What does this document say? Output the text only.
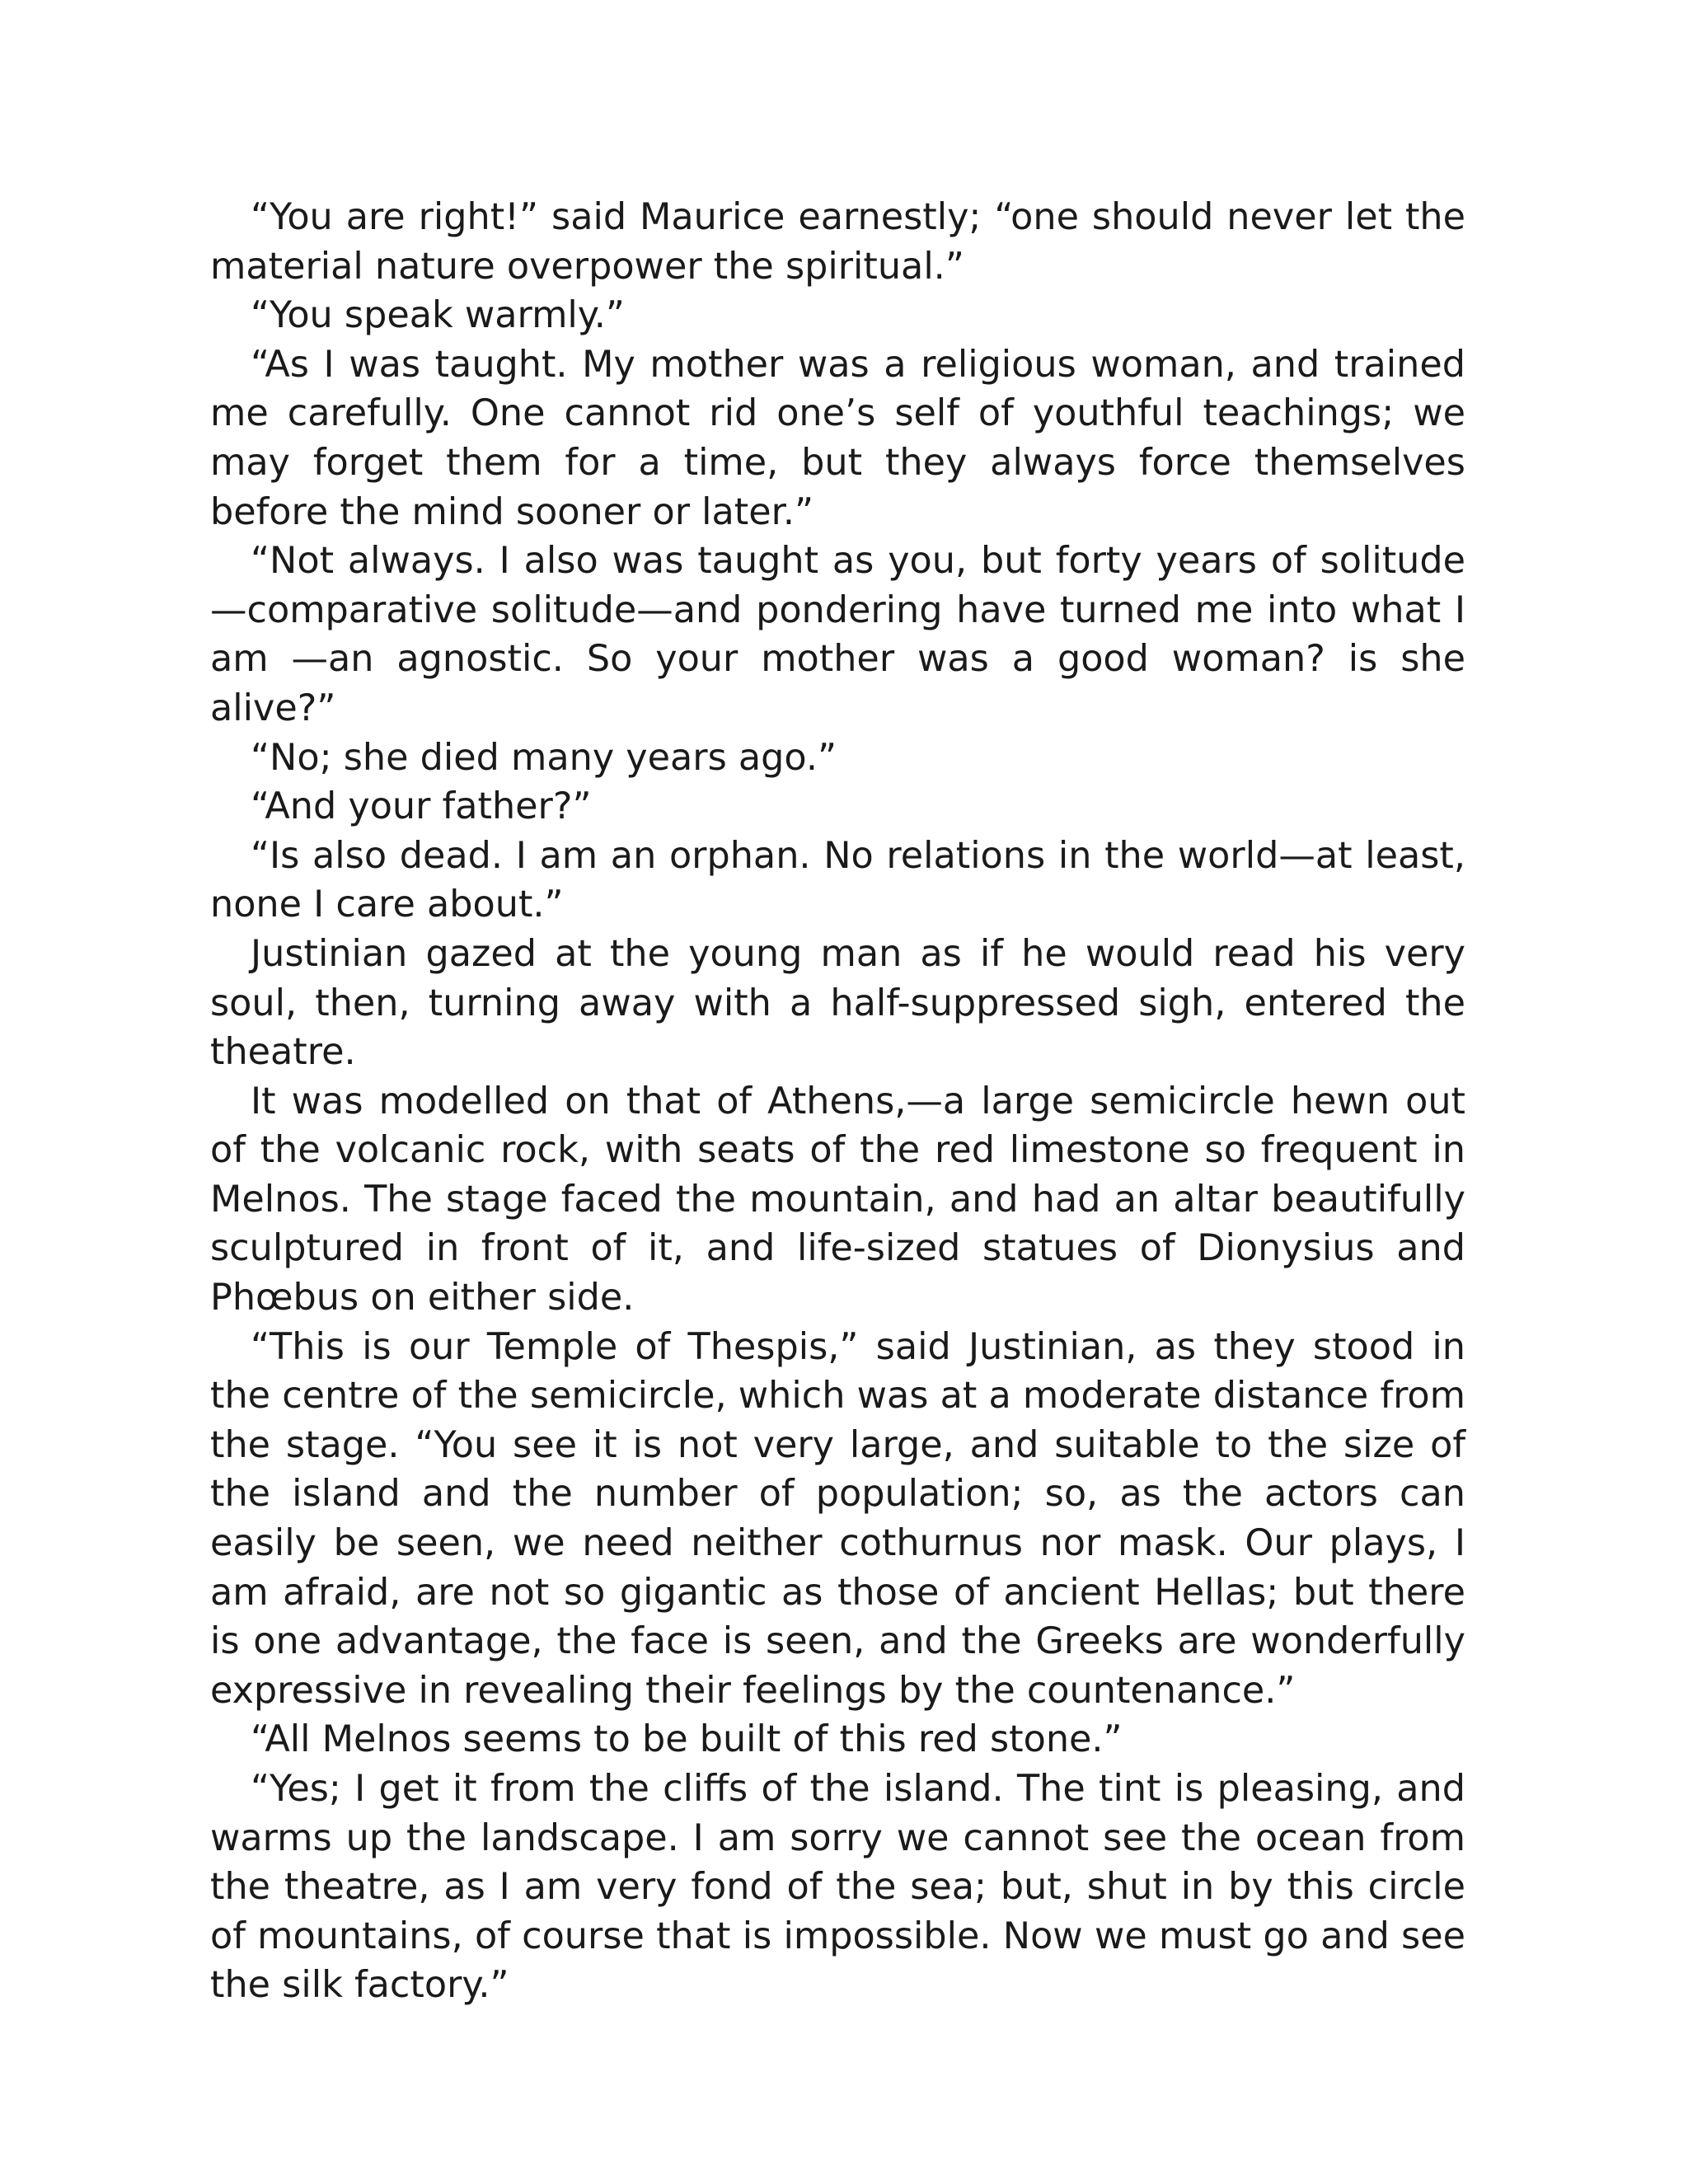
“You are right!” said Maurice earnestly; “one should never let the material nature overpower the spiritual.”

“You speak warmly.”

“As I was taught. My mother was a religious woman, and trained me carefully. One cannot rid one’s self of youthful teachings; we may forget them for a time, but they always force themselves before the mind sooner or later.”

“Not always. I also was taught as you, but forty years of solitude—comparative solitude—and pondering have turned me into what I am —an agnostic. So your mother was a good woman? is she alive?”

“No; she died many years ago.”

“And your father?”

“Is also dead. I am an orphan. No relations in the world—at least, none I care about.”

Justinian gazed at the young man as if he would read his very soul, then, turning away with a half-suppressed sigh, entered the theatre.

It was modelled on that of Athens,—a large semicircle hewn out of the volcanic rock, with seats of the red limestone so frequent in Melnos. The stage faced the mountain, and had an altar beautifully sculptured in front of it, and life-sized statues of Dionysius and Phœbus on either side.

“This is our Temple of Thespis,” said Justinian, as they stood in the centre of the semicircle, which was at a moderate distance from the stage. “You see it is not very large, and suitable to the size of the island and the number of population; so, as the actors can easily be seen, we need neither cothurnus nor mask. Our plays, I am afraid, are not so gigantic as those of ancient Hellas; but there is one advantage, the face is seen, and the Greeks are wonderfully expressive in revealing their feelings by the countenance.”

“All Melnos seems to be built of this red stone.”

“Yes; I get it from the cliffs of the island. The tint is pleasing, and warms up the landscape. I am sorry we cannot see the ocean from the theatre, as I am very fond of the sea; but, shut in by this circle of mountains, of course that is impossible. Now we must go and see the silk factory.”
